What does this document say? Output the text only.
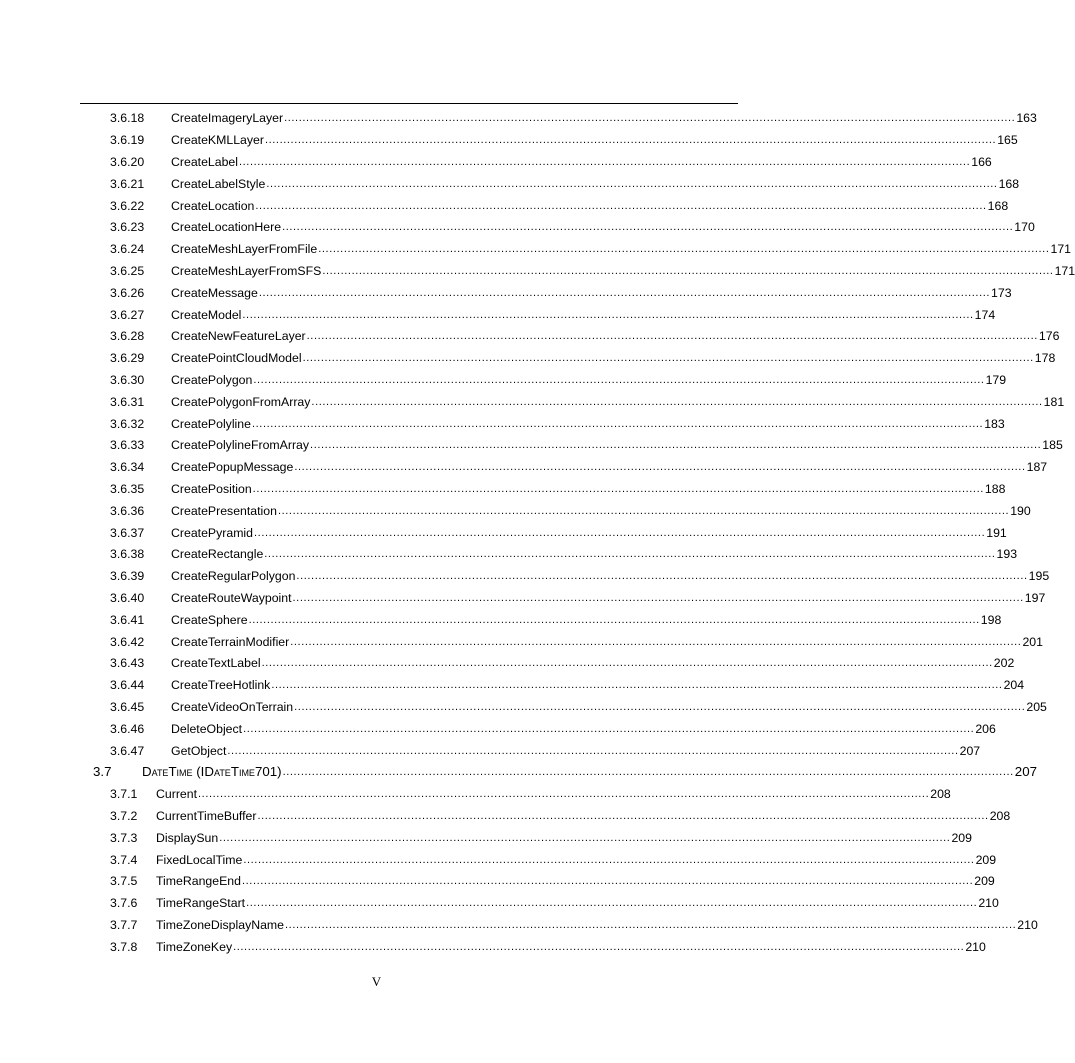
3.6.18	CreateImageryLayer ........................................................................................................................................................................................................ 163
3.6.19	CreateKMLLayer ........................................................................................................................................................................................................ 165
3.6.20	CreateLabel ........................................................................................................................................................................................................ 166
3.6.21	CreateLabelStyle ........................................................................................................................................................................................................ 168
3.6.22	CreateLocation ........................................................................................................................................................................................................ 168
3.6.23	CreateLocationHere ........................................................................................................................................................................................................ 170
3.6.24	CreateMeshLayerFromFile ........................................................................................................................................................................................................ 171
3.6.25	CreateMeshLayerFromSFS ........................................................................................................................................................................................................ 171
3.6.26	CreateMessage ........................................................................................................................................................................................................ 173
3.6.27	CreateModel ........................................................................................................................................................................................................ 174
3.6.28	CreateNewFeatureLayer ........................................................................................................................................................................................................ 176
3.6.29	CreatePointCloudModel ........................................................................................................................................................................................................ 178
3.6.30	CreatePolygon ........................................................................................................................................................................................................ 179
3.6.31	CreatePolygonFromArray ........................................................................................................................................................................................................ 181
3.6.32	CreatePolyline ........................................................................................................................................................................................................ 183
3.6.33	CreatePolylineFromArray ........................................................................................................................................................................................................ 185
3.6.34	CreatePopupMessage ........................................................................................................................................................................................................ 187
3.6.35	CreatePosition ........................................................................................................................................................................................................ 188
3.6.36	CreatePresentation ........................................................................................................................................................................................................ 190
3.6.37	CreatePyramid ........................................................................................................................................................................................................ 191
3.6.38	CreateRectangle ........................................................................................................................................................................................................ 193
3.6.39	CreateRegularPolygon ........................................................................................................................................................................................................ 195
3.6.40	CreateRouteWaypoint ........................................................................................................................................................................................................ 197
3.6.41	CreateSphere ........................................................................................................................................................................................................ 198
3.6.42	CreateTerrainModifier ........................................................................................................................................................................................................ 201
3.6.43	CreateTextLabel ........................................................................................................................................................................................................ 202
3.6.44	CreateTreeHotlink ........................................................................................................................................................................................................ 204
3.6.45	CreateVideoOnTerrain ........................................................................................................................................................................................................ 205
3.6.46	DeleteObject ........................................................................................................................................................................................................ 206
3.6.47	GetObject ........................................................................................................................................................................................................ 207
3.7	DateTime (IDateTime701) ........................................................................................................................................................................................................ 207
3.7.1	Current ........................................................................................................................................................................................................ 208
3.7.2	CurrentTimeBuffer ........................................................................................................................................................................................................ 208
3.7.3	DisplaySun ........................................................................................................................................................................................................ 209
3.7.4	FixedLocalTime ........................................................................................................................................................................................................ 209
3.7.5	TimeRangeEnd ........................................................................................................................................................................................................ 209
3.7.6	TimeRangeStart ........................................................................................................................................................................................................ 210
3.7.7	TimeZoneDisplayName ........................................................................................................................................................................................................ 210
3.7.8	TimeZoneKey ........................................................................................................................................................................................................ 210
V
